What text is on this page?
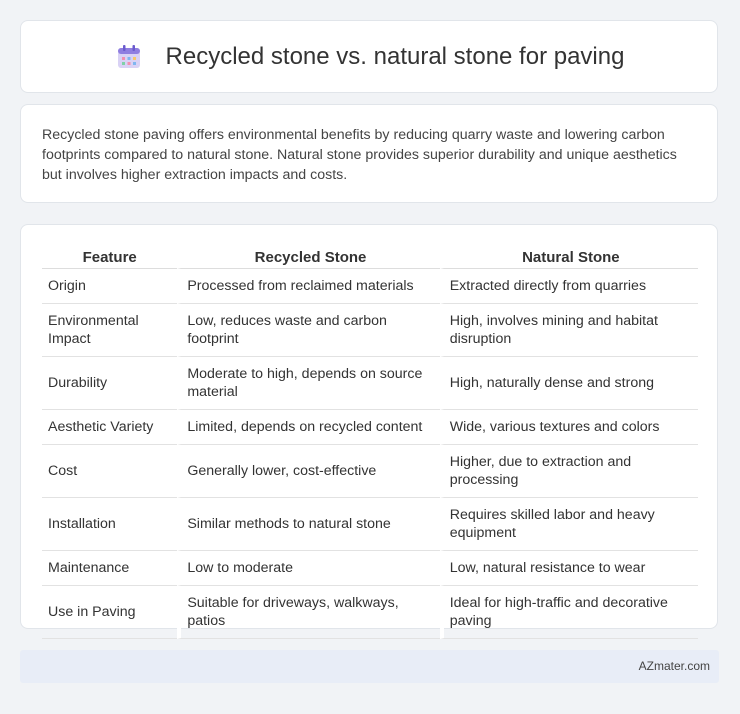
Recycled stone vs. natural stone for paving

Recycled stone paving offers environmental benefits by reducing quarry waste and lowering carbon footprints compared to natural stone. Natural stone provides superior durability and unique aesthetics but involves higher extraction impacts and costs.

Feature	Recycled Stone	Natural Stone
Origin	Processed from reclaimed materials	Extracted directly from quarries
Environmental Impact	Low, reduces waste and carbon footprint	High, involves mining and habitat disruption
Durability	Moderate to high, depends on source material	High, naturally dense and strong
Aesthetic Variety	Limited, depends on recycled content	Wide, various textures and colors
Cost	Generally lower, cost-effective	Higher, due to extraction and processing
Installation	Similar methods to natural stone	Requires skilled labor and heavy equipment
Maintenance	Low to moderate	Low, natural resistance to wear
Use in Paving	Suitable for driveways, walkways, patios	Ideal for high-traffic and decorative paving
AZmater.com
